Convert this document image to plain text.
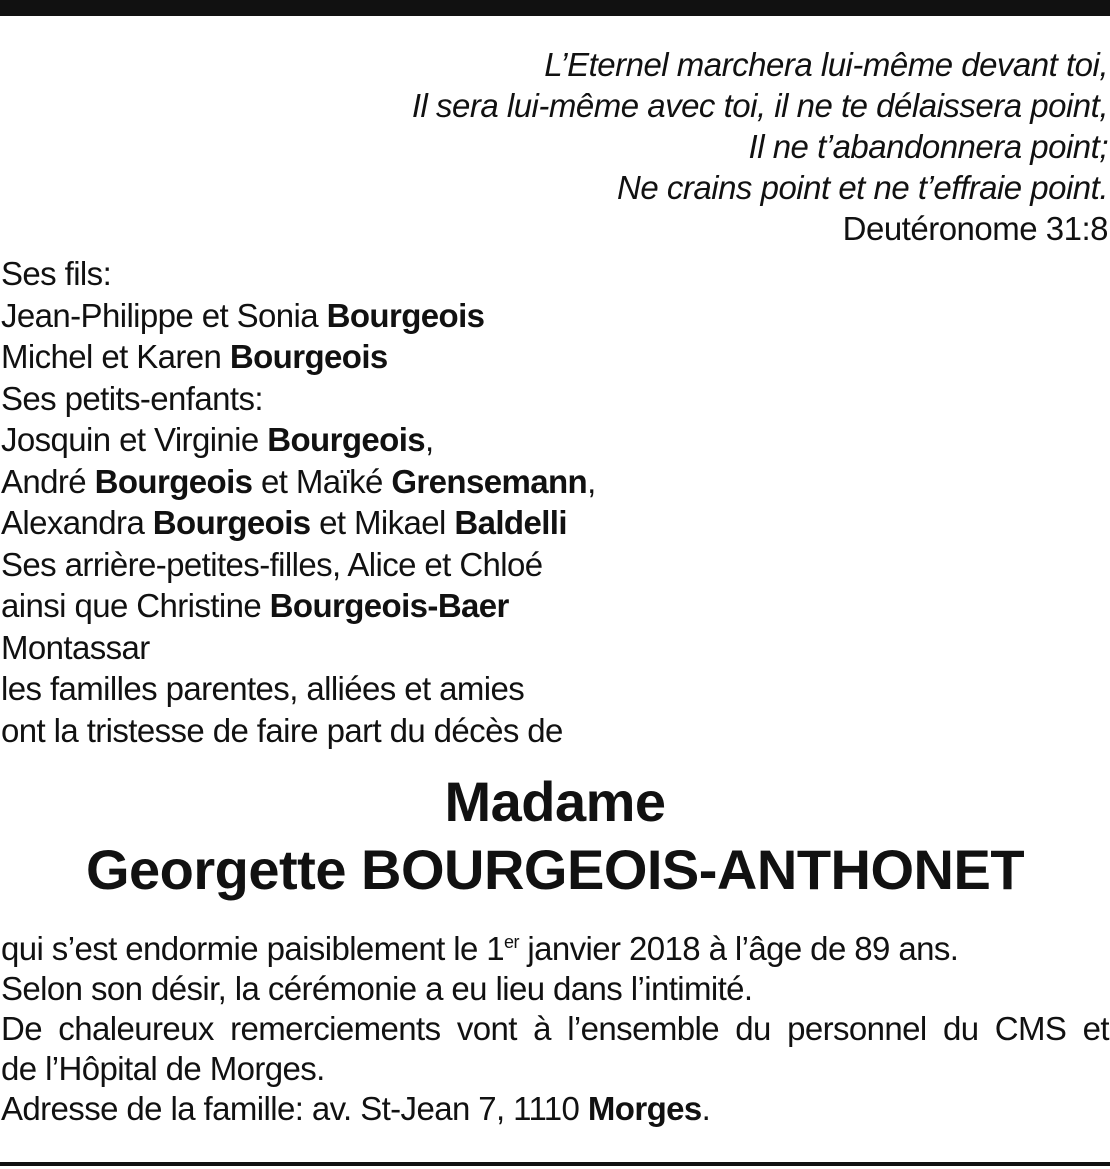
L’Eternel marchera lui-même devant toi,
Il sera lui-même avec toi, il ne te délaissera point,
Il ne t’abandonnera point;
Ne crains point et ne t’effraie point.
Deutéronome 31:8
Ses fils:
Jean-Philippe et Sonia Bourgeois
Michel et Karen Bourgeois
Ses petits-enfants:
Josquin et Virginie Bourgeois,
André Bourgeois et Maïké Grensemann,
Alexandra Bourgeois et Mikael Baldelli
Ses arrière-petites-filles, Alice et Chloé
ainsi que Christine Bourgeois-Baer
Montassar
les familles parentes, alliées et amies
ont la tristesse de faire part du décès de
Madame
Georgette BOURGEOIS-ANTHONET
qui s’est endormie paisiblement le 1er janvier 2018 à l’âge de 89 ans.
Selon son désir, la cérémonie a eu lieu dans l’intimité.
De chaleureux remerciements vont à l’ensemble du personnel du CMS et
de l’Hôpital de Morges.
Adresse de la famille: av. St-Jean 7, 1110 Morges.
